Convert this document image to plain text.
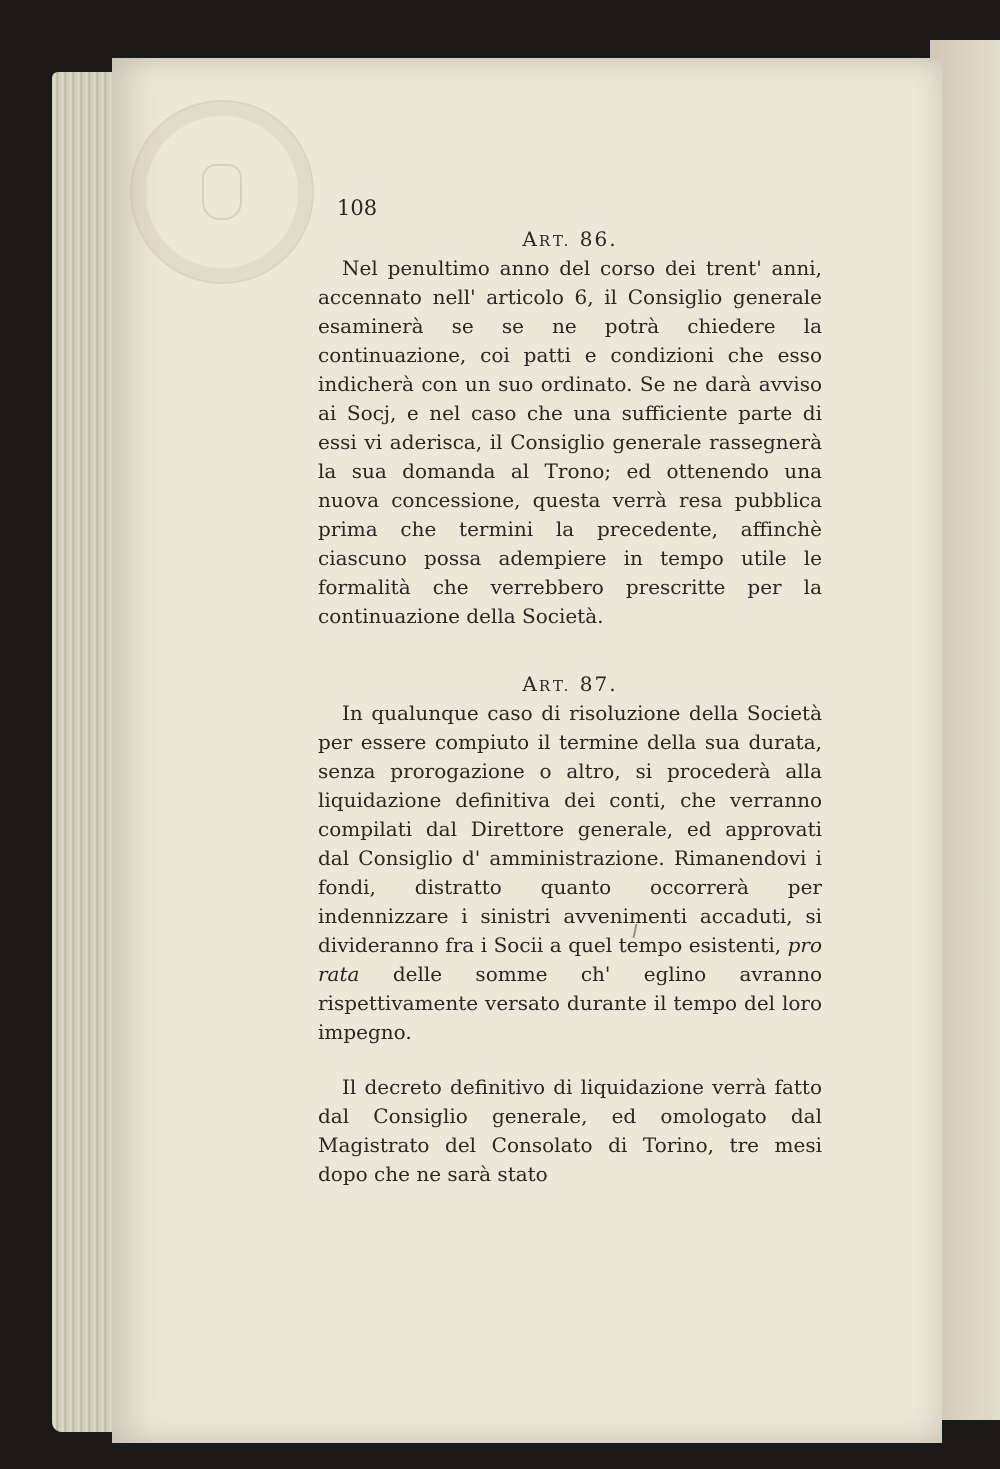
108
ART. 86.
Nel penultimo anno del corso dei trent' anni, accennato nell' articolo 6, il Consiglio generale esaminerà se se ne potrà chiedere la continuazione, coi patti e condizioni che esso indicherà con un suo ordinato. Se ne darà avviso ai Socj, e nel caso che una sufficiente parte di essi vi aderisca, il Consiglio generale rassegnerà la sua domanda al Trono; ed ottenendo una nuova concessione, questa verrà resa pubblica prima che termini la precedente, affinchè ciascuno possa adempiere in tempo utile le formalità che verrebbero prescritte per la continuazione della Società.
ART. 87.
In qualunque caso di risoluzione della Società per essere compiuto il termine della sua durata, senza prorogazione o altro, si procederà alla liquidazione definitiva dei conti, che verranno compilati dal Direttore generale, ed approvati dal Consiglio d' amministrazione. Rimanendovi i fondi, distratto quanto occorrerà per indennizzare i sinistri avvenimenti accaduti, si divideranno fra i Socii a quel tempo esistenti, pro rata delle somme ch' eglino avranno rispettivamente versato durante il tempo del loro impegno.
Il decreto definitivo di liquidazione verrà fatto dal Consiglio generale, ed omologato dal Magistrato del Consolato di Torino, tre mesi dopo che ne sarà stato
